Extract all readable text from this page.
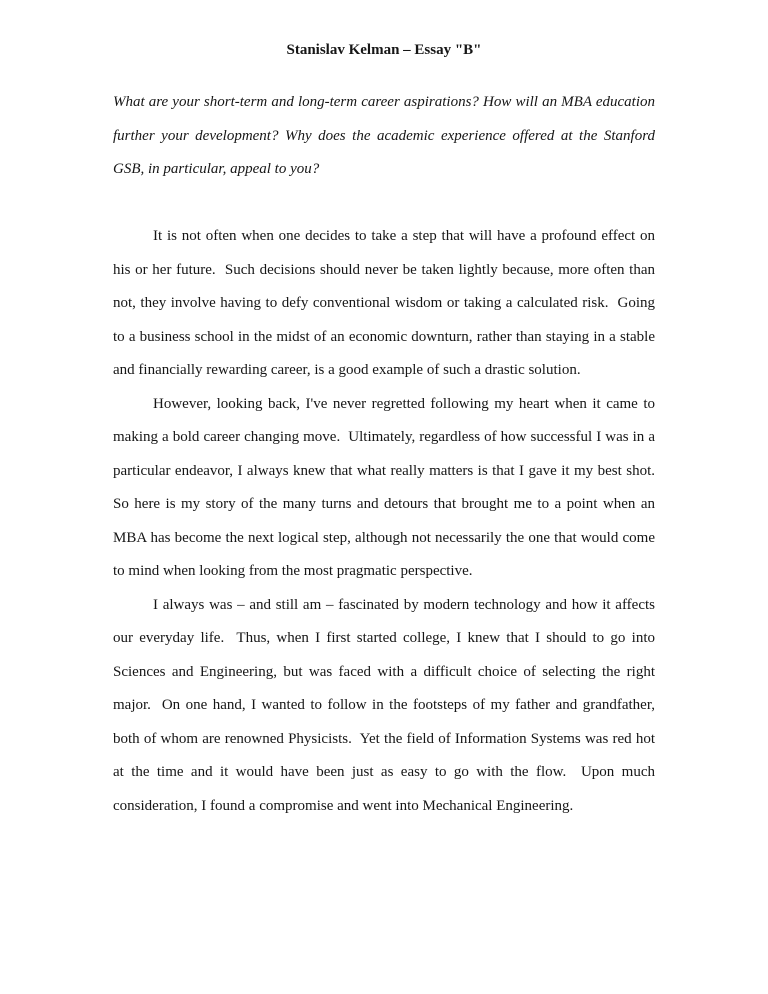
Stanislav Kelman – Essay "B"

What are your short-term and long-term career aspirations? How will an MBA education further your development? Why does the academic experience offered at the Stanford GSB, in particular, appeal to you?

It is not often when one decides to take a step that will have a profound effect on his or her future.  Such decisions should never be taken lightly because, more often than not, they involve having to defy conventional wisdom or taking a calculated risk.  Going to a business school in the midst of an economic downturn, rather than staying in a stable and financially rewarding career, is a good example of such a drastic solution.

However, looking back, I've never regretted following my heart when it came to making a bold career changing move.  Ultimately, regardless of how successful I was in a particular endeavor, I always knew that what really matters is that I gave it my best shot.  So here is my story of the many turns and detours that brought me to a point when an MBA has become the next logical step, although not necessarily the one that would come to mind when looking from the most pragmatic perspective.

I always was – and still am – fascinated by modern technology and how it affects our everyday life.  Thus, when I first started college, I knew that I should to go into Sciences and Engineering, but was faced with a difficult choice of selecting the right major.  On one hand, I wanted to follow in the footsteps of my father and grandfather, both of whom are renowned Physicists.  Yet the field of Information Systems was red hot at the time and it would have been just as easy to go with the flow.  Upon much consideration, I found a compromise and went into Mechanical Engineering.
